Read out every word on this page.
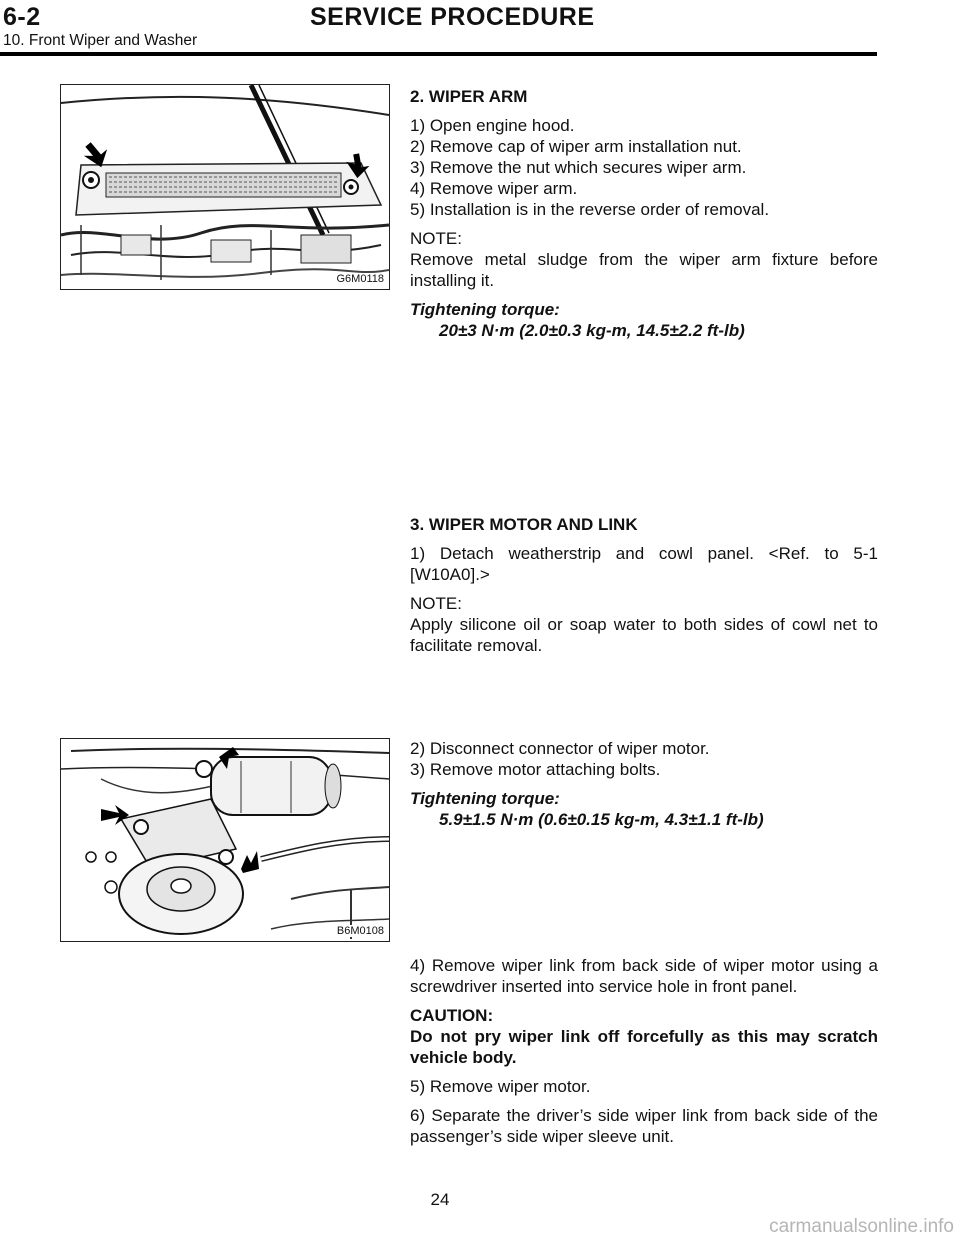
6-2	SERVICE PROCEDURE
10. Front Wiper and Washer
G6M0118
B6M0108

2. WIPER ARM

1) Open engine hood.

2) Remove cap of wiper arm installation nut.

3) Remove the nut which secures wiper arm.

4) Remove wiper arm.

5) Installation is in the reverse order of removal.

NOTE:

Remove metal sludge from the wiper arm fixture before installing it.

Tightening torque:

20±3 N·m (2.0±0.3 kg-m, 14.5±2.2 ft-lb)

3. WIPER MOTOR AND LINK

1) Detach weatherstrip and cowl panel. <Ref. to 5-1 [W10A0].>

NOTE:

Apply silicone oil or soap water to both sides of cowl net to facilitate removal.

2) Disconnect connector of wiper motor.

3) Remove motor attaching bolts.

Tightening torque:

5.9±1.5 N·m (0.6±0.15 kg-m, 4.3±1.1 ft-lb)

4) Remove wiper link from back side of wiper motor using a screwdriver inserted into service hole in front panel.

CAUTION:

Do not pry wiper link off forcefully as this may scratch vehicle body.

5) Remove wiper motor.

6) Separate the driver’s side wiper link from back side of the passenger’s side wiper sleeve unit.

24
carmanualsonline.info
